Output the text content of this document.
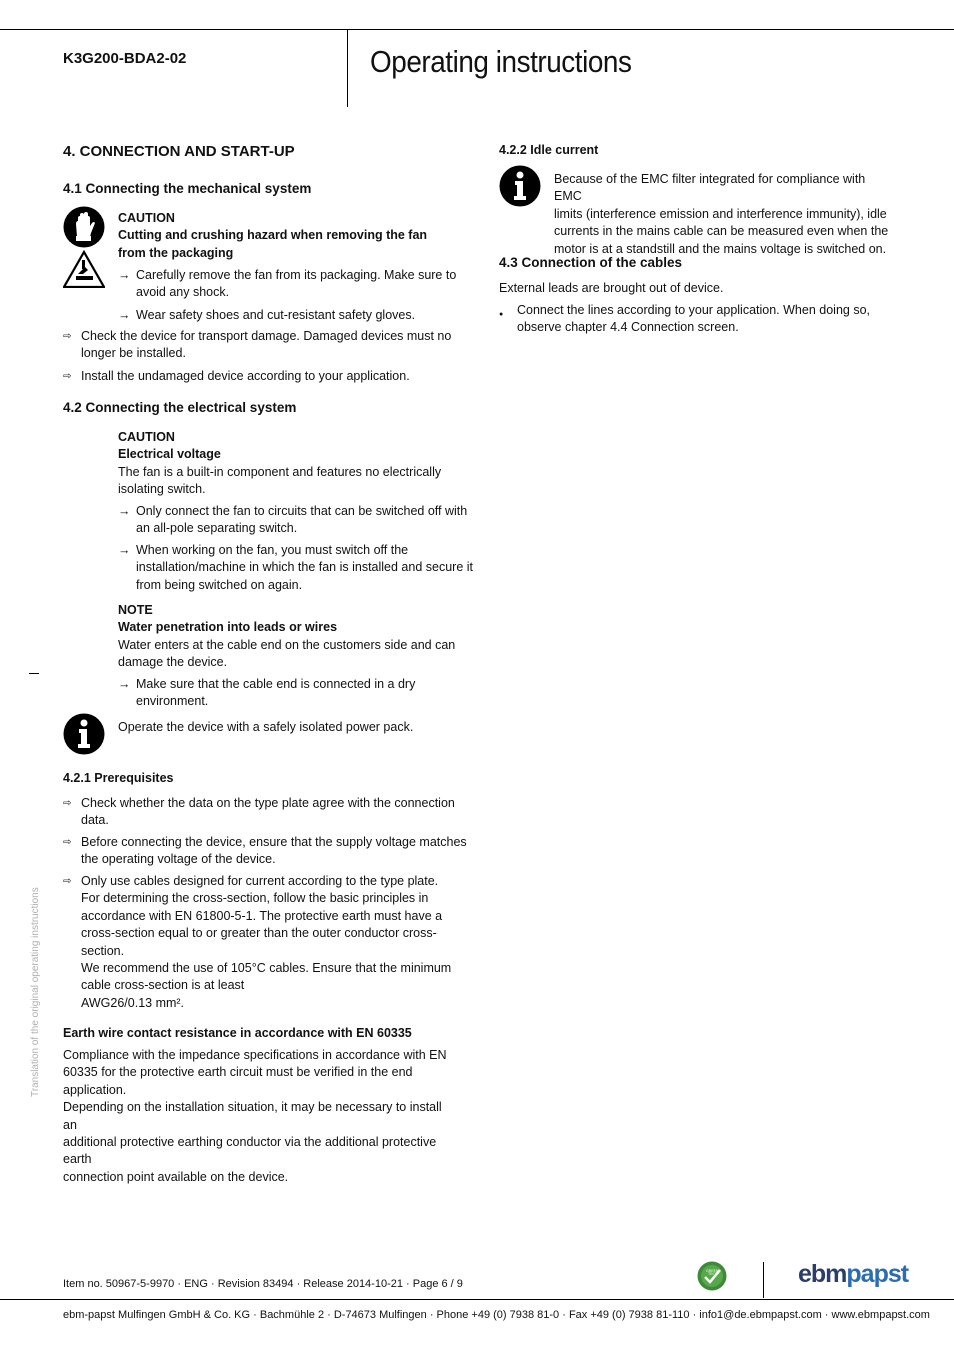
K3G200-BDA2-02	Operating instructions
4. CONNECTION AND START-UP
4.1 Connecting the mechanical system

CAUTION

Cutting and crushing hazard when removing the fan

from the packaging

→ Carefully remove the fan from its packaging. Make sure to

avoid any shock.

→ Wear safety shoes and cut-resistant safety gloves.

⇨ Check the device for transport damage. Damaged devices must no

longer be installed.

⇨ Install the undamaged device according to your application.

4.2 Connecting the electrical system

CAUTION

Electrical voltage

The fan is a built-in component and features no electrically

isolating switch.

→ Only connect the fan to circuits that can be switched off with

an all-pole separating switch.

→ When working on the fan, you must switch off the

installation/machine in which the fan is installed and secure it

from being switched on again.

NOTE

Water penetration into leads or wires

Water enters at the cable end on the customers side and can

damage the device.

→ Make sure that the cable end is connected in a dry

environment.

Operate the device with a safely isolated power pack.
4.2.1 Prerequisites
⇨ Check whether the data on the type plate agree with the connection

data.

⇨ Before connecting the device, ensure that the supply voltage matches

the operating voltage of the device.

⇨ Only use cables designed for current according to the type plate.

For determining the cross-section, follow the basic principles in

accordance with EN 61800-5-1. The protective earth must have a

cross-section equal to or greater than the outer conductor cross-

section.

We recommend the use of 105°C cables. Ensure that the minimum

cable cross-section is at least

AWG26/0.13 mm².

Earth wire contact resistance in accordance with EN 60335

Compliance with the impedance specifications in accordance with EN

60335 for the protective earth circuit must be verified in the end

application.

Depending on the installation situation, it may be necessary to install an

additional protective earthing conductor via the additional protective earth

connection point available on the device.

4.2.2 Idle current

Because of the EMC filter integrated for compliance with EMC

limits (interference emission and interference immunity), idle

currents in the mains cable can be measured even when the

motor is at a standstill and the mains voltage is switched on.

4.3 Connection of the cables
External leads are brought out of device.
● Connect the lines according to your application. When doing so,

observe chapter 4.4 Connection screen.

Translation of the original operating instructions
Item no. 50967-5-9970 · ENG · Revision 83494 · Release 2014-10-21 · Page 6 / 9
GREEN
TECH	ebmpapst
ebm-papst Mulfingen GmbH & Co. KG · Bachmühle 2 · D-74673 Mulfingen · Phone +49 (0) 7938 81-0 · Fax +49 (0) 7938 81-110 · info1@de.ebmpapst.com · www.ebmpapst.com
